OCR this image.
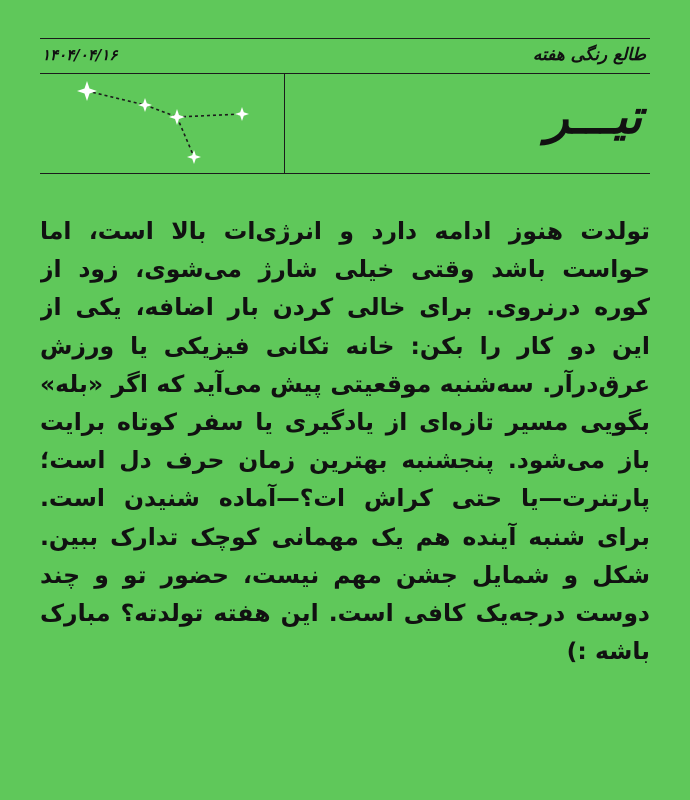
طالع رنگی هفته
۱۴۰۴/۰۴/۱۶
تیـــر
تولدت هنوز ادامه دارد و انرژی‌ات بالا است، اما حواست باشد وقتی خیلی شارژ می‌شوی، زود از کوره درنروی. برای خالی کردن بار اضافه، یکی از این دو کار را بکن: خانه تکانی فیزیکی یا ورزش عرق‌درآر. سه‌شنبه موقعیتی پیش می‌آید که اگر «بله» بگویی مسیر تازه‌ای از یادگیری یا سفر کوتاه برایت باز می‌شود. پنجشنبه بهترین زمان حرف دل است؛ پارتنرت—یا حتی کراش ات؟—آماده شنیدن است. برای شنبه آینده هم یک مهمانی کوچک تدارک ببین. شکل و شمایل جشن مهم نیست، حضور تو و چند دوست درجه‌یک کافی است. این هفته تولدته؟ مبارک باشه :)
